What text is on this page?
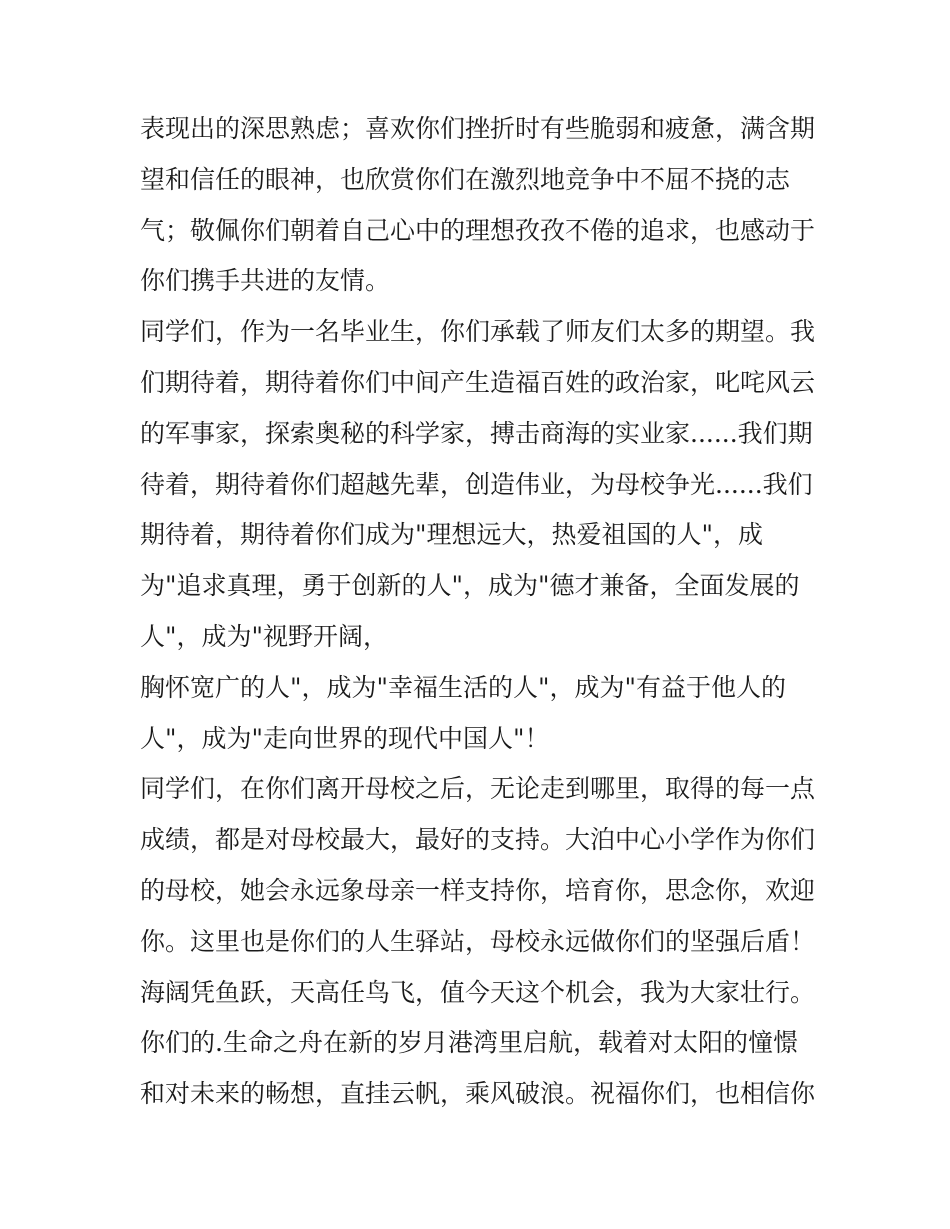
表现出的深思熟虑；喜欢你们挫折时有些脆弱和疲惫，满含期
望和信任的眼神，也欣赏你们在激烈地竞争中不屈不挠的志
气；敬佩你们朝着自己心中的理想孜孜不倦的追求，也感动于
你们携手共进的友情。
同学们，作为一名毕业生，你们承载了师友们太多的期望。我
们期待着，期待着你们中间产生造福百姓的政治家，叱咤风云
的军事家，探索奥秘的科学家，搏击商海的实业家......我们期
待着，期待着你们超越先辈，创造伟业，为母校争光......我们
期待着，期待着你们成为"理想远大，热爱祖国的人"，成
为"追求真理，勇于创新的人"，成为"德才兼备，全面发展的
人"，成为"视野开阔，
胸怀宽广的人"，成为"幸福生活的人"，成为"有益于他人的
人"，成为"走向世界的现代中国人"！
同学们，在你们离开母校之后，无论走到哪里，取得的每一点
成绩，都是对母校最大，最好的支持。大泊中心小学作为你们
的母校，她会永远象母亲一样支持你，培育你，思念你，欢迎
你。这里也是你们的人生驿站，母校永远做你们的坚强后盾！
海阔凭鱼跃，天高任鸟飞，值今天这个机会，我为大家壮行。
你们的.生命之舟在新的岁月港湾里启航，载着对太阳的憧憬
和对未来的畅想，直挂云帆，乘风破浪。祝福你们，也相信你
